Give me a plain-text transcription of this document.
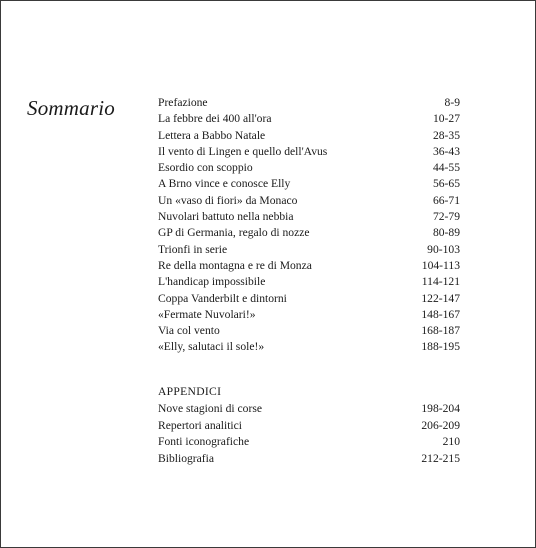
Sommario	Prefazione	8-9
La febbre dei 400 all'ora	10-27
Lettera a Babbo Natale	28-35
Il vento di Lingen e quello dell'Avus	36-43
Esordio con scoppio	44-55
A Brno vince e conosce Elly	56-65
Un «vaso di fiori» da Monaco	66-71
Nuvolari battuto nella nebbia	72-79
GP di Germania, regalo di nozze	80-89
Trionfi in serie	90-103
Re della montagna e re di Monza	104-113
L'handicap impossibile	114-121
Coppa Vanderbilt e dintorni	122-147
«Fermate Nuvolari!»	148-167
Via col vento	168-187
«Elly, salutaci il sole!»	188-195
APPENDICI
Nove stagioni di corse	198-204
Repertori analitici	206-209
Fonti iconografiche	210
Bibliografia	212-215
